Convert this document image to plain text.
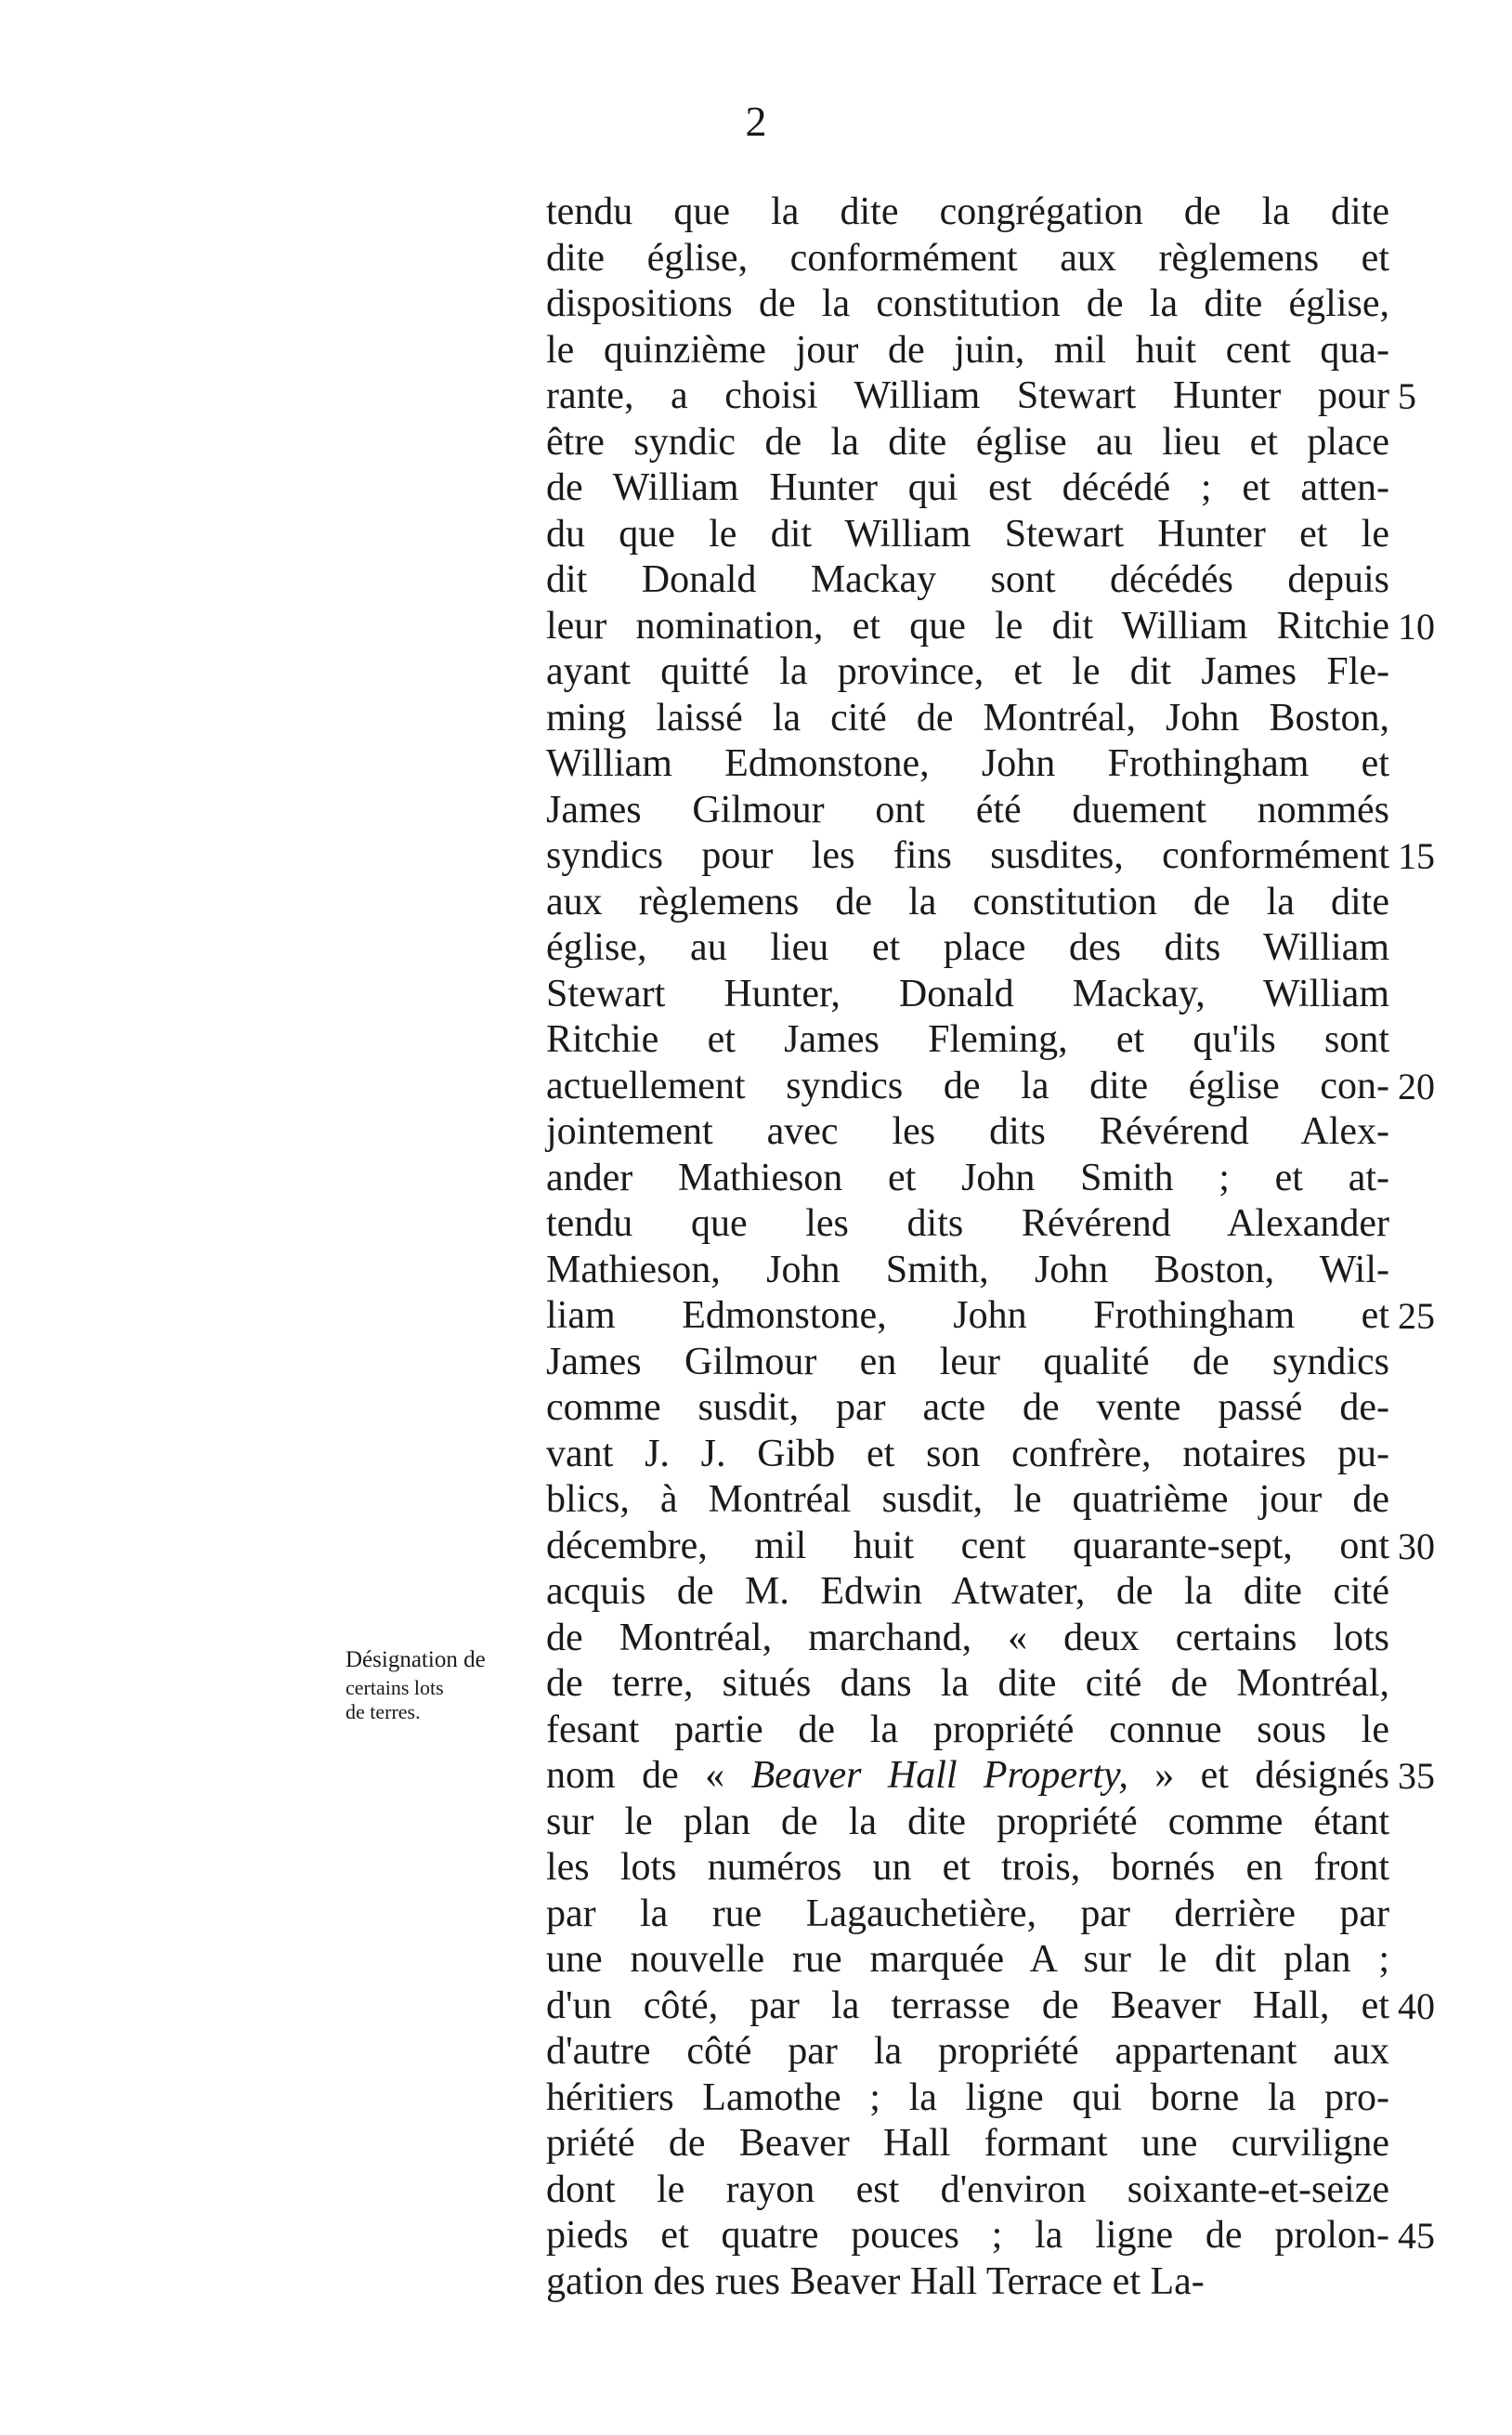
2
Désignation de
certains lots
de terres.
tendu que la dite congrégation de la dite
dite église, conformément aux règlemens et
dispositions de la constitution de la dite église,
le quinzième jour de juin, mil huit cent qua-
rante, a choisi William Stewart Hunter pour
être syndic de la dite église au lieu et place
de William Hunter qui est décédé ; et atten-
du que le dit William Stewart Hunter et le
dit Donald Mackay sont décédés depuis
leur nomination, et que le dit William Ritchie
ayant quitté la province, et le dit James Fle-
ming laissé la cité de Montréal, John Boston,
William Edmonstone, John Frothingham et
James Gilmour ont été duement nommés
syndics pour les fins susdites, conformément
aux règlemens de la constitution de la dite
église, au lieu et place des dits William
Stewart Hunter, Donald Mackay, William
Ritchie et James Fleming, et qu'ils sont
actuellement syndics de la dite église con-
jointement avec les dits Révérend Alex-
ander Mathieson et John Smith ; et at-
tendu que les dits Révérend Alexander
Mathieson, John Smith, John Boston, Wil-
liam Edmonstone, John Frothingham et
James Gilmour en leur qualité de syndics
comme susdit, par acte de vente passé de-
vant J. J. Gibb et son confrère, notaires pu-
blics, à Montréal susdit, le quatrième jour de
décembre, mil huit cent quarante-sept, ont
acquis de M. Edwin Atwater, de la dite cité
de Montréal, marchand, « deux certains lots
de terre, situés dans la dite cité de Montréal,
fesant partie de la propriété connue sous le
nom de « Beaver Hall Property, » et désignés
sur le plan de la dite propriété comme étant
les lots numéros un et trois, bornés en front
par la rue Lagauchetière, par derrière par
une nouvelle rue marquée A sur le dit plan ;
d'un côté, par la terrasse de Beaver Hall, et
d'autre côté par la propriété appartenant aux
héritiers Lamothe ; la ligne qui borne la pro-
priété de Beaver Hall formant une curviligne
dont le rayon est d'environ soixante-et-seize
pieds et quatre pouces ; la ligne de prolon-
gation des rues Beaver Hall Terrace et La-
5
10
15
20
25
30
35
40
45
